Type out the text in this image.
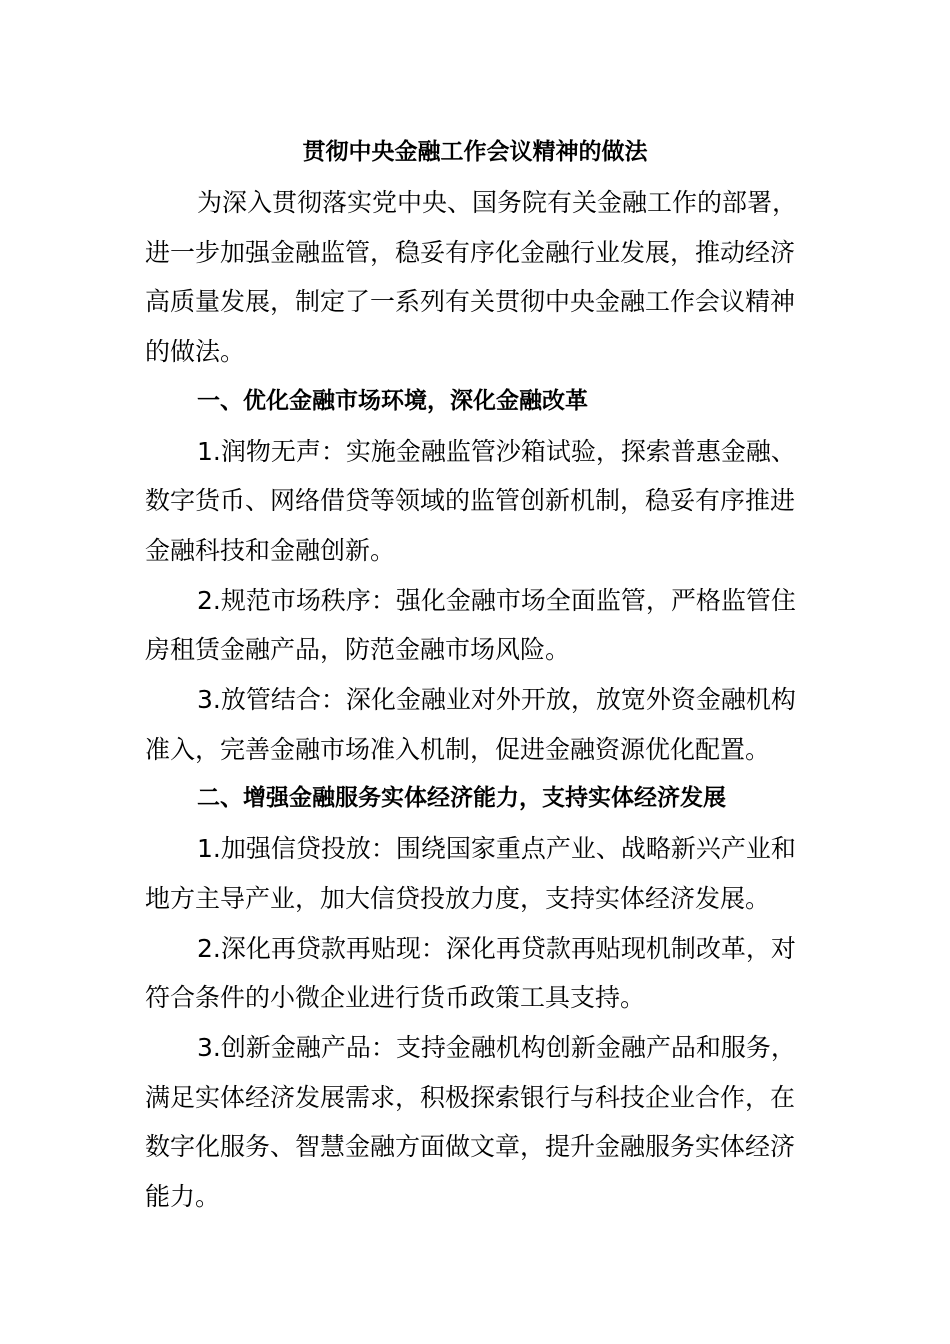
贯彻中央金融工作会议精神的做法

为深入贯彻落实党中央、国务院有关金融工作的部署，进一步加强金融监管，稳妥有序化金融行业发展，推动经济高质量发展，制定了一系列有关贯彻中央金融工作会议精神的做法。

一、优化金融市场环境，深化金融改革

1.润物无声：实施金融监管沙箱试验，探索普惠金融、数字货币、网络借贷等领域的监管创新机制，稳妥有序推进金融科技和金融创新。

2.规范市场秩序：强化金融市场全面监管，严格监管住房租赁金融产品，防范金融市场风险。

3.放管结合：深化金融业对外开放，放宽外资金融机构准入，完善金融市场准入机制，促进金融资源优化配置。

二、增强金融服务实体经济能力，支持实体经济发展

1.加强信贷投放：围绕国家重点产业、战略新兴产业和地方主导产业，加大信贷投放力度，支持实体经济发展。

2.深化再贷款再贴现：深化再贷款再贴现机制改革，对符合条件的小微企业进行货币政策工具支持。

3.创新金融产品：支持金融机构创新金融产品和服务，满足实体经济发展需求，积极探索银行与科技企业合作，在数字化服务、智慧金融方面做文章，提升金融服务实体经济能力。
